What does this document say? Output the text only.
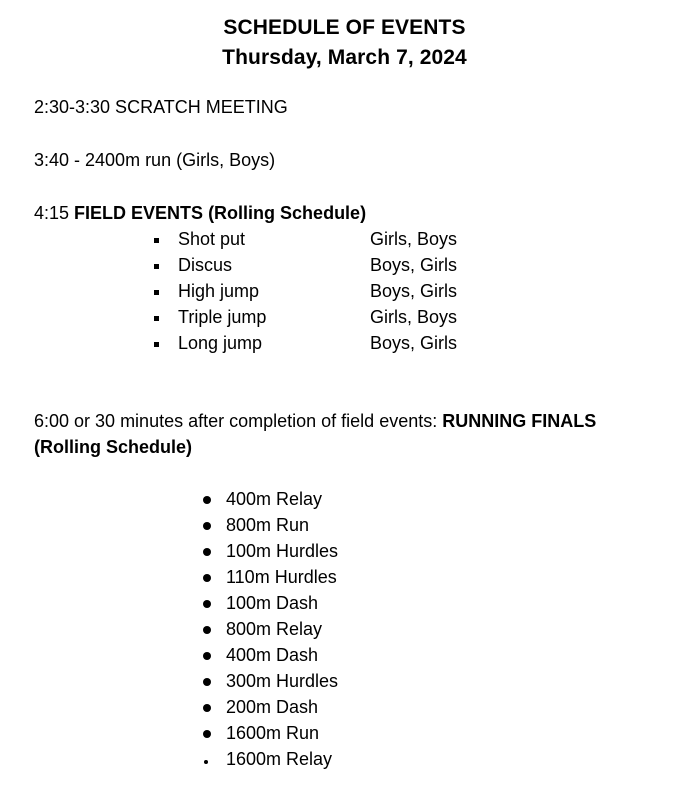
SCHEDULE OF EVENTS
Thursday, March 7, 2024
2:30-3:30 SCRATCH MEETING
3:40 - 2400m run (Girls, Boys)
4:15 FIELD EVENTS (Rolling Schedule)
Shot put	Girls, Boys
Discus	Boys, Girls
High jump	Boys, Girls
Triple jump	Girls, Boys
Long jump	Boys, Girls
6:00 or 30 minutes after completion of field events: RUNNING FINALS
(Rolling Schedule)
400m Relay
800m Run
100m Hurdles
110m Hurdles
100m Dash
800m Relay
400m Dash
300m Hurdles
200m Dash
1600m Run
1600m Relay
